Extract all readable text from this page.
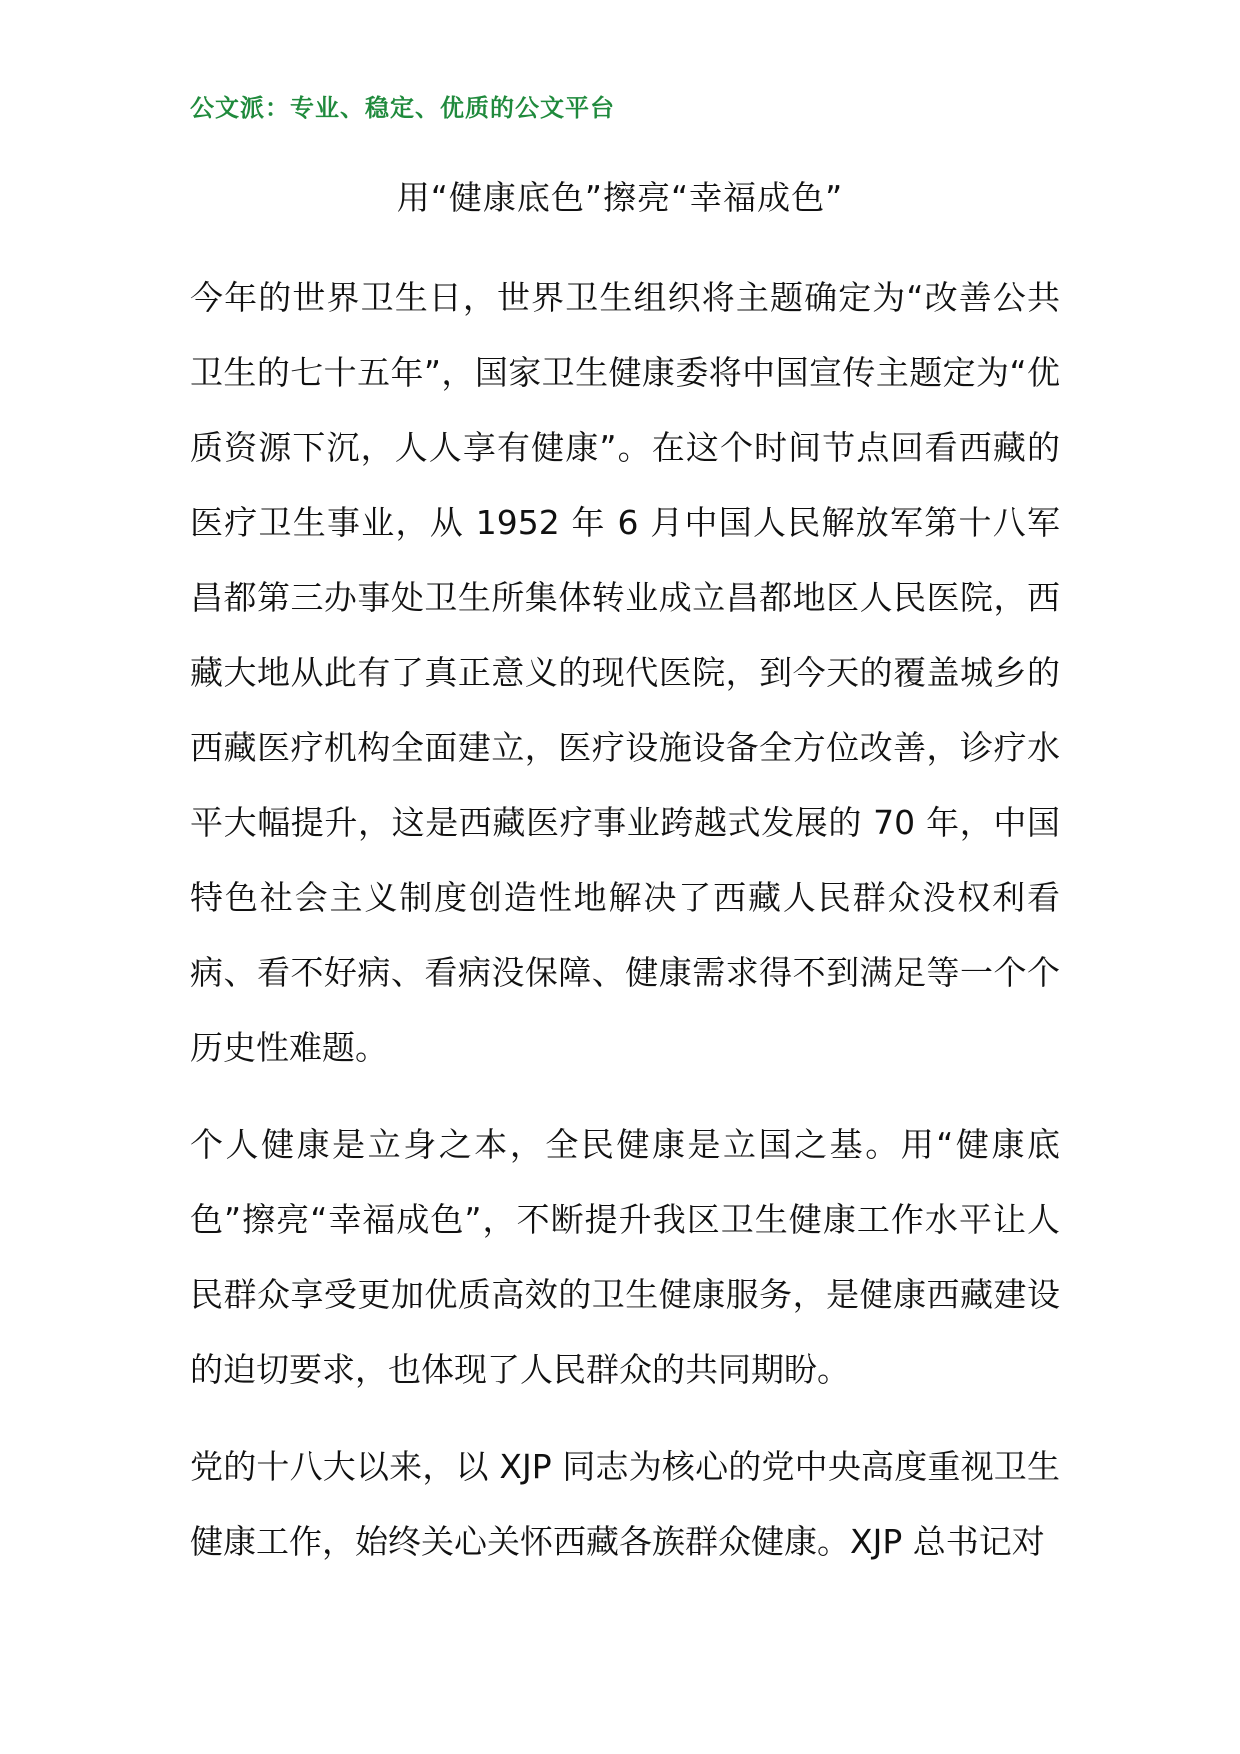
公文派：专业、稳定、优质的公文平台
用“健康底色”擦亮“幸福成色”

今年的世界卫生日，世界卫生组织将主题确定为“改善公共卫生的七十五年”，国家卫生健康委将中国宣传主题定为“优质资源下沉，人人享有健康”。在这个时间节点回看西藏的医疗卫生事业，从 1952 年 6 月中国人民解放军第十八军昌都第三办事处卫生所集体转业成立昌都地区人民医院，西藏大地从此有了真正意义的现代医院，到今天的覆盖城乡的西藏医疗机构全面建立，医疗设施设备全方位改善，诊疗水平大幅提升，这是西藏医疗事业跨越式发展的 70 年，中国特色社会主义制度创造性地解决了西藏人民群众没权利看病、看不好病、看病没保障、健康需求得不到满足等一个个历史性难题。

个人健康是立身之本，全民健康是立国之基。用“健康底色”擦亮“幸福成色”，不断提升我区卫生健康工作水平让人民群众享受更加优质高效的卫生健康服务，是健康西藏建设的迫切要求，也体现了人民群众的共同期盼。

党的十八大以来，以 XJP 同志为核心的党中央高度重视卫生健康工作，始终关心关怀西藏各族群众健康。XJP 总书记对
